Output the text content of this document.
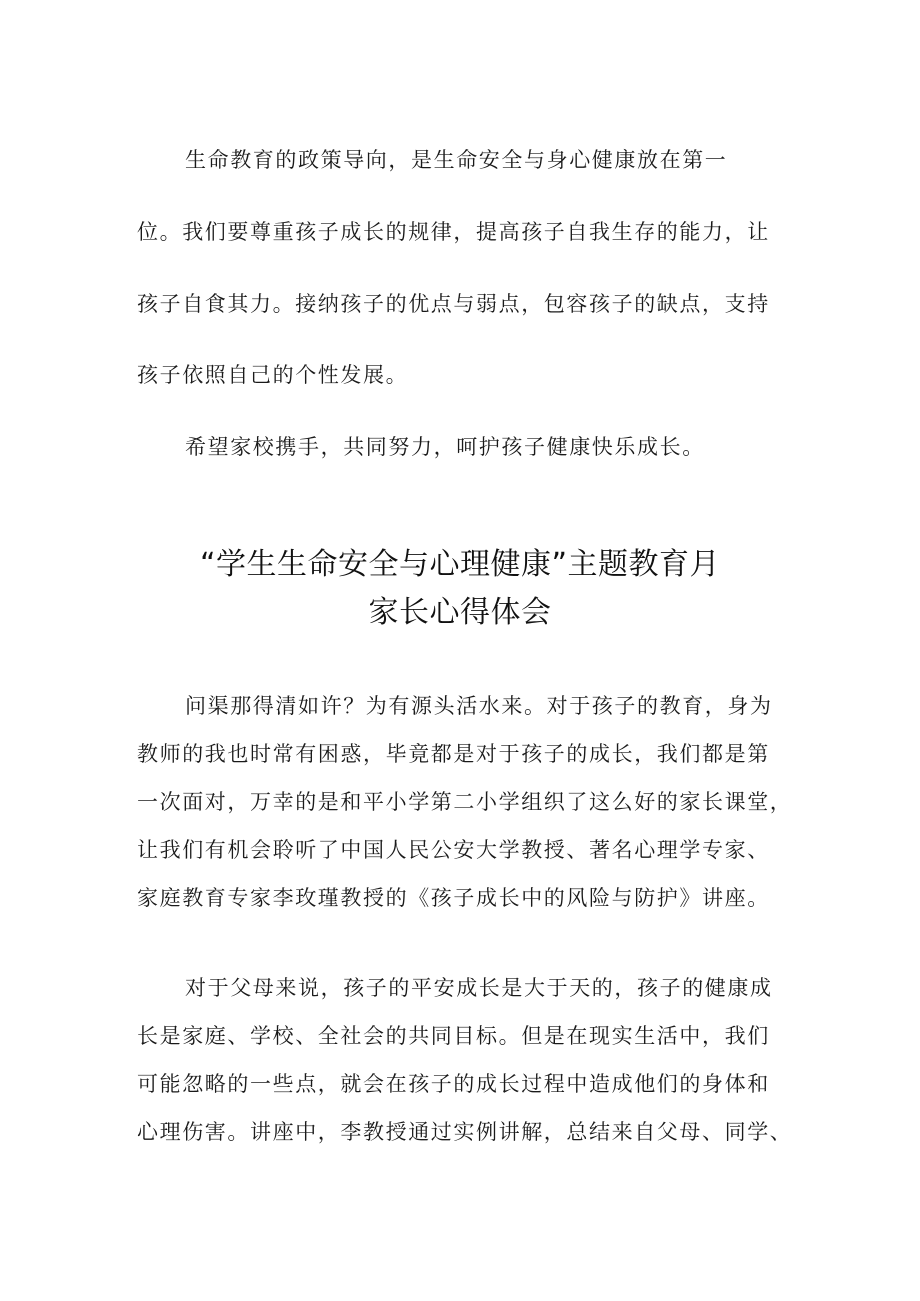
生命教育的政策导向，是生命安全与身心健康放在第一
位。我们要尊重孩子成长的规律，提高孩子自我生存的能力，让
孩子自食其力。接纳孩子的优点与弱点，包容孩子的缺点，支持
孩子依照自己的个性发展。
希望家校携手，共同努力，呵护孩子健康快乐成长。
“学生生命安全与心理健康”主题教育月
家长心得体会
问渠那得清如许？为有源头活水来。对于孩子的教育，身为
教师的我也时常有困惑，毕竟都是对于孩子的成长，我们都是第
一次面对，万幸的是和平小学第二小学组织了这么好的家长课堂，
让我们有机会聆听了中国人民公安大学教授、著名心理学专家、
家庭教育专家李玫瑾教授的《孩子成长中的风险与防护》讲座。
对于父母来说，孩子的平安成长是大于天的，孩子的健康成
长是家庭、学校、全社会的共同目标。但是在现实生活中，我们
可能忽略的一些点，就会在孩子的成长过程中造成他们的身体和
心理伤害。讲座中，李教授通过实例讲解，总结来自父母、同学、
